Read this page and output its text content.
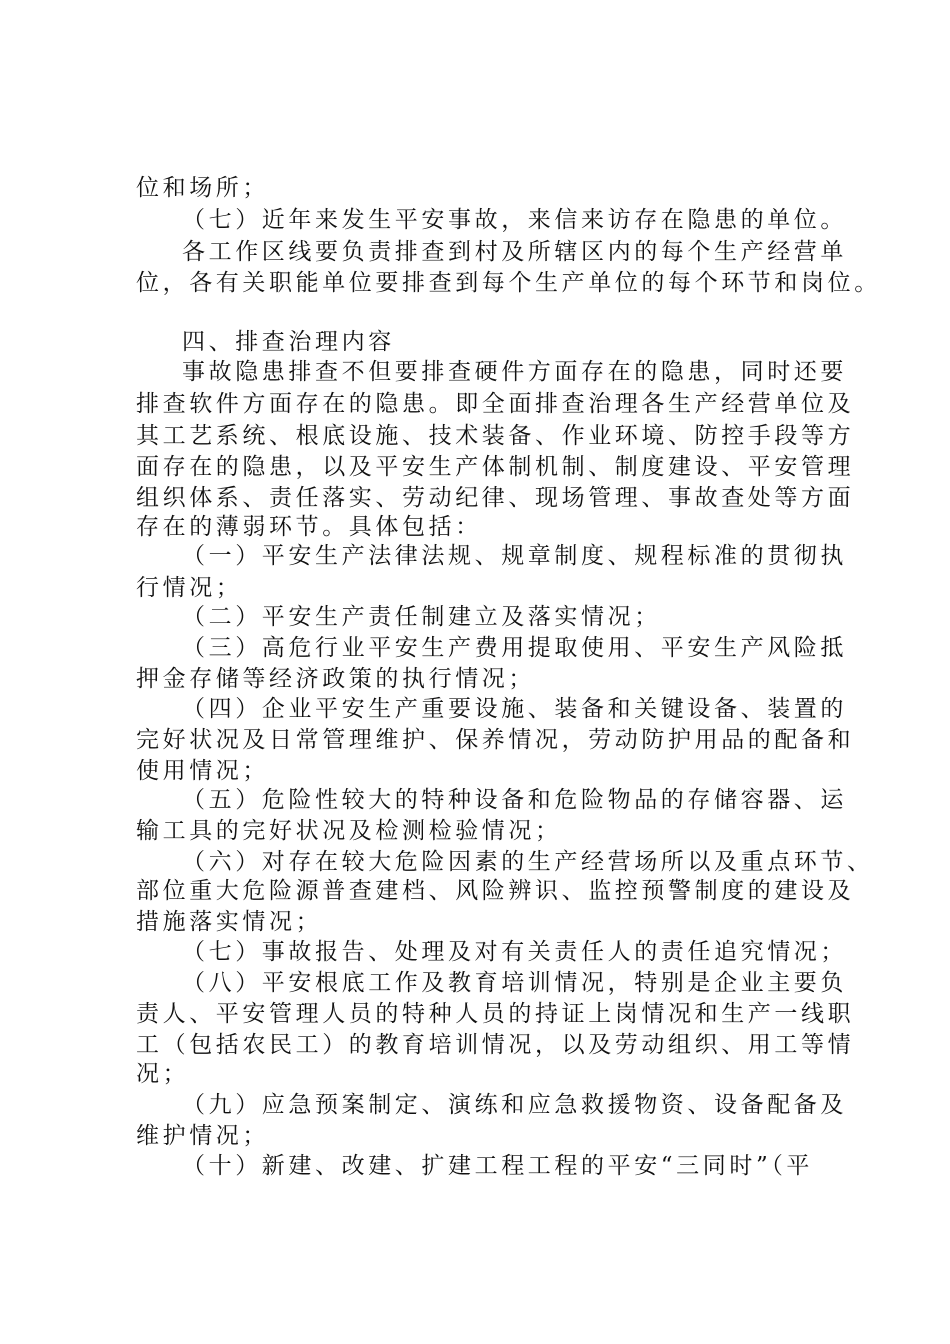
位和场所；
（七）近年来发生平安事故，来信来访存在隐患的单位。
各工作区线要负责排查到村及所辖区内的每个生产经营单
位，各有关职能单位要排查到每个生产单位的每个环节和岗位。
四、排查治理内容
事故隐患排查不但要排查硬件方面存在的隐患，同时还要
排查软件方面存在的隐患。即全面排查治理各生产经营单位及
其工艺系统、根底设施、技术装备、作业环境、防控手段等方
面存在的隐患，以及平安生产体制机制、制度建设、平安管理
组织体系、责任落实、劳动纪律、现场管理、事故查处等方面
存在的薄弱环节。具体包括：
（一）平安生产法律法规、规章制度、规程标准的贯彻执
行情况；
（二）平安生产责任制建立及落实情况；
（三）高危行业平安生产费用提取使用、平安生产风险抵
押金存储等经济政策的执行情况；
（四）企业平安生产重要设施、装备和关键设备、装置的
完好状况及日常管理维护、保养情况，劳动防护用品的配备和
使用情况；
（五）危险性较大的特种设备和危险物品的存储容器、运
输工具的完好状况及检测检验情况；
（六）对存在较大危险因素的生产经营场所以及重点环节、
部位重大危险源普查建档、风险辨识、监控预警制度的建设及
措施落实情况；
（七）事故报告、处理及对有关责任人的责任追究情况；
（八）平安根底工作及教育培训情况，特别是企业主要负
责人、平安管理人员的特种人员的持证上岗情况和生产一线职
工（包括农民工）的教育培训情况，以及劳动组织、用工等情
况；
（九）应急预案制定、演练和应急救援物资、设备配备及
维护情况；
（十）新建、改建、扩建工程工程的平安“三同时”（平
